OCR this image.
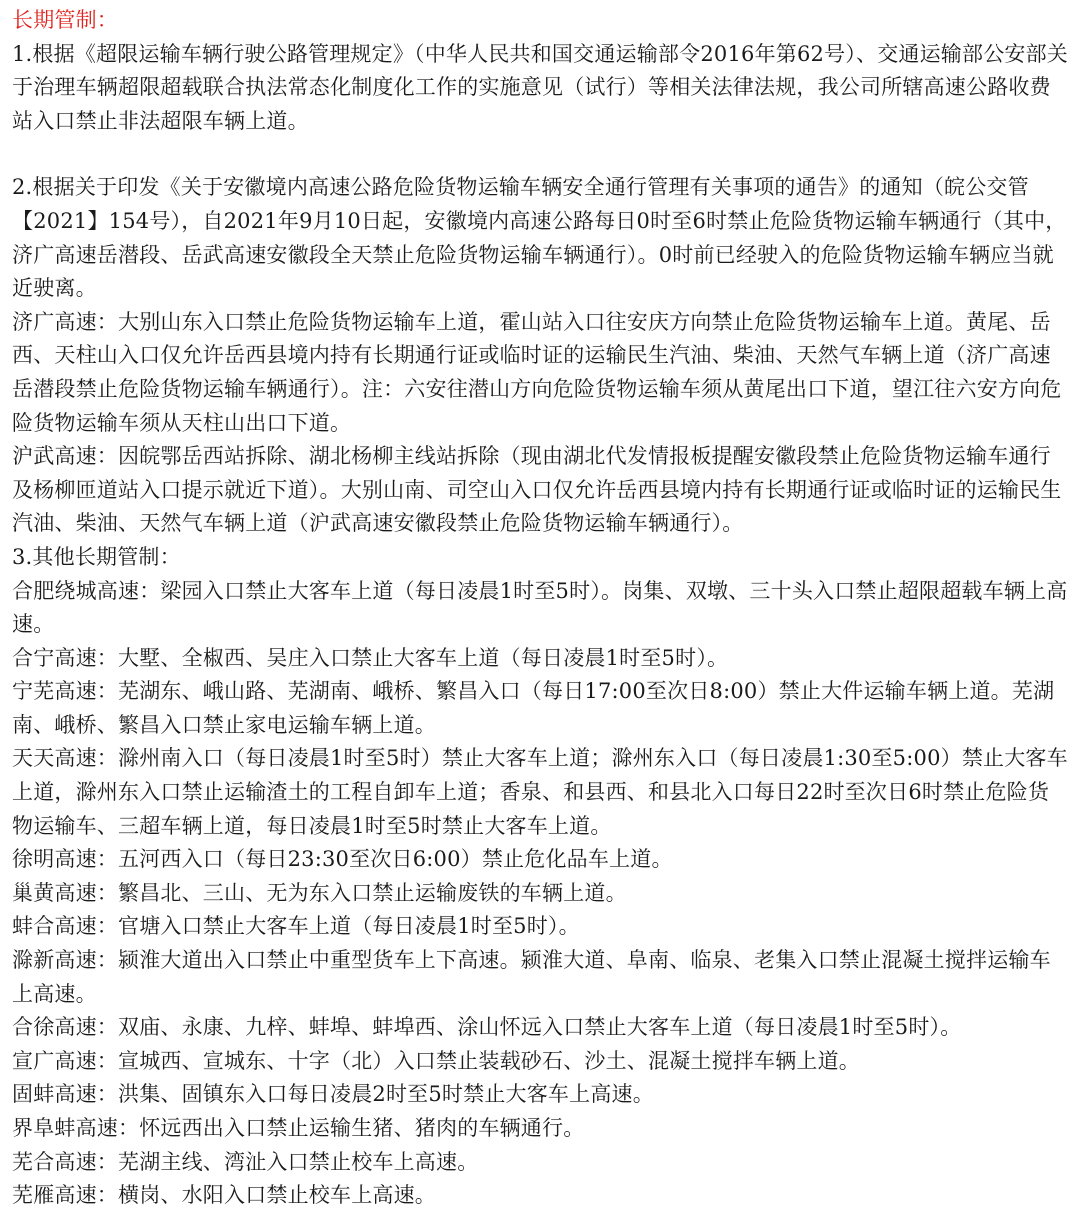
长期管制：

1.根据《超限运输车辆行驶公路管理规定》（中华人民共和国交通运输部令2016年第62号）、交通运输部公安部关于治理车辆超限超载联合执法常态化制度化工作的实施意见（试行）等相关法律法规，我公司所辖高速公路收费站入口禁止非法超限车辆上道。

2.根据关于印发《关于安徽境内高速公路危险货物运输车辆安全通行管理有关事项的通告》的通知（皖公交管【2021】154号），自2021年9月10日起，安徽境内高速公路每日0时至6时禁止危险货物运输车辆通行（其中，济广高速岳潜段、岳武高速安徽段全天禁止危险货物运输车辆通行）。0时前已经驶入的危险货物运输车辆应当就近驶离。

济广高速：大别山东入口禁止危险货物运输车上道，霍山站入口往安庆方向禁止危险货物运输车上道。黄尾、岳西、天柱山入口仅允许岳西县境内持有长期通行证或临时证的运输民生汽油、柴油、天然气车辆上道（济广高速岳潜段禁止危险货物运输车辆通行）。注：六安往潜山方向危险货物运输车须从黄尾出口下道，望江往六安方向危险货物运输车须从天柱山出口下道。

沪武高速：因皖鄂岳西站拆除、湖北杨柳主线站拆除（现由湖北代发情报板提醒安徽段禁止危险货物运输车通行及杨柳匝道站入口提示就近下道）。大别山南、司空山入口仅允许岳西县境内持有长期通行证或临时证的运输民生汽油、柴油、天然气车辆上道（沪武高速安徽段禁止危险货物运输车辆通行）。

3.其他长期管制：

合肥绕城高速：梁园入口禁止大客车上道（每日凌晨1时至5时）。岗集、双墩、三十头入口禁止超限超载车辆上高速。

合宁高速：大墅、全椒西、吴庄入口禁止大客车上道（每日凌晨1时至5时）。

宁芜高速：芜湖东、峨山路、芜湖南、峨桥、繁昌入口（每日17:00至次日8:00）禁止大件运输车辆上道。芜湖南、峨桥、繁昌入口禁止家电运输车辆上道。

天天高速：滁州南入口（每日凌晨1时至5时）禁止大客车上道；滁州东入口（每日凌晨1:30至5:00）禁止大客车上道，滁州东入口禁止运输渣土的工程自卸车上道；香泉、和县西、和县北入口每日22时至次日6时禁止危险货物运输车、三超车辆上道，每日凌晨1时至5时禁止大客车上道。

徐明高速：五河西入口（每日23:30至次日6:00）禁止危化品车上道。

巢黄高速：繁昌北、三山、无为东入口禁止运输废铁的车辆上道。

蚌合高速：官塘入口禁止大客车上道（每日凌晨1时至5时）。

滁新高速：颍淮大道出入口禁止中重型货车上下高速。颍淮大道、阜南、临泉、老集入口禁止混凝土搅拌运输车上高速。

合徐高速：双庙、永康、九梓、蚌埠、蚌埠西、涂山怀远入口禁止大客车上道（每日凌晨1时至5时）。

宣广高速：宣城西、宣城东、十字（北）入口禁止装载砂石、沙土、混凝土搅拌车辆上道。

固蚌高速：洪集、固镇东入口每日凌晨2时至5时禁止大客车上高速。

界阜蚌高速：怀远西出入口禁止运输生猪、猪肉的车辆通行。

芜合高速：芜湖主线、湾沚入口禁止校车上高速。

芜雁高速：横岗、水阳入口禁止校车上高速。
